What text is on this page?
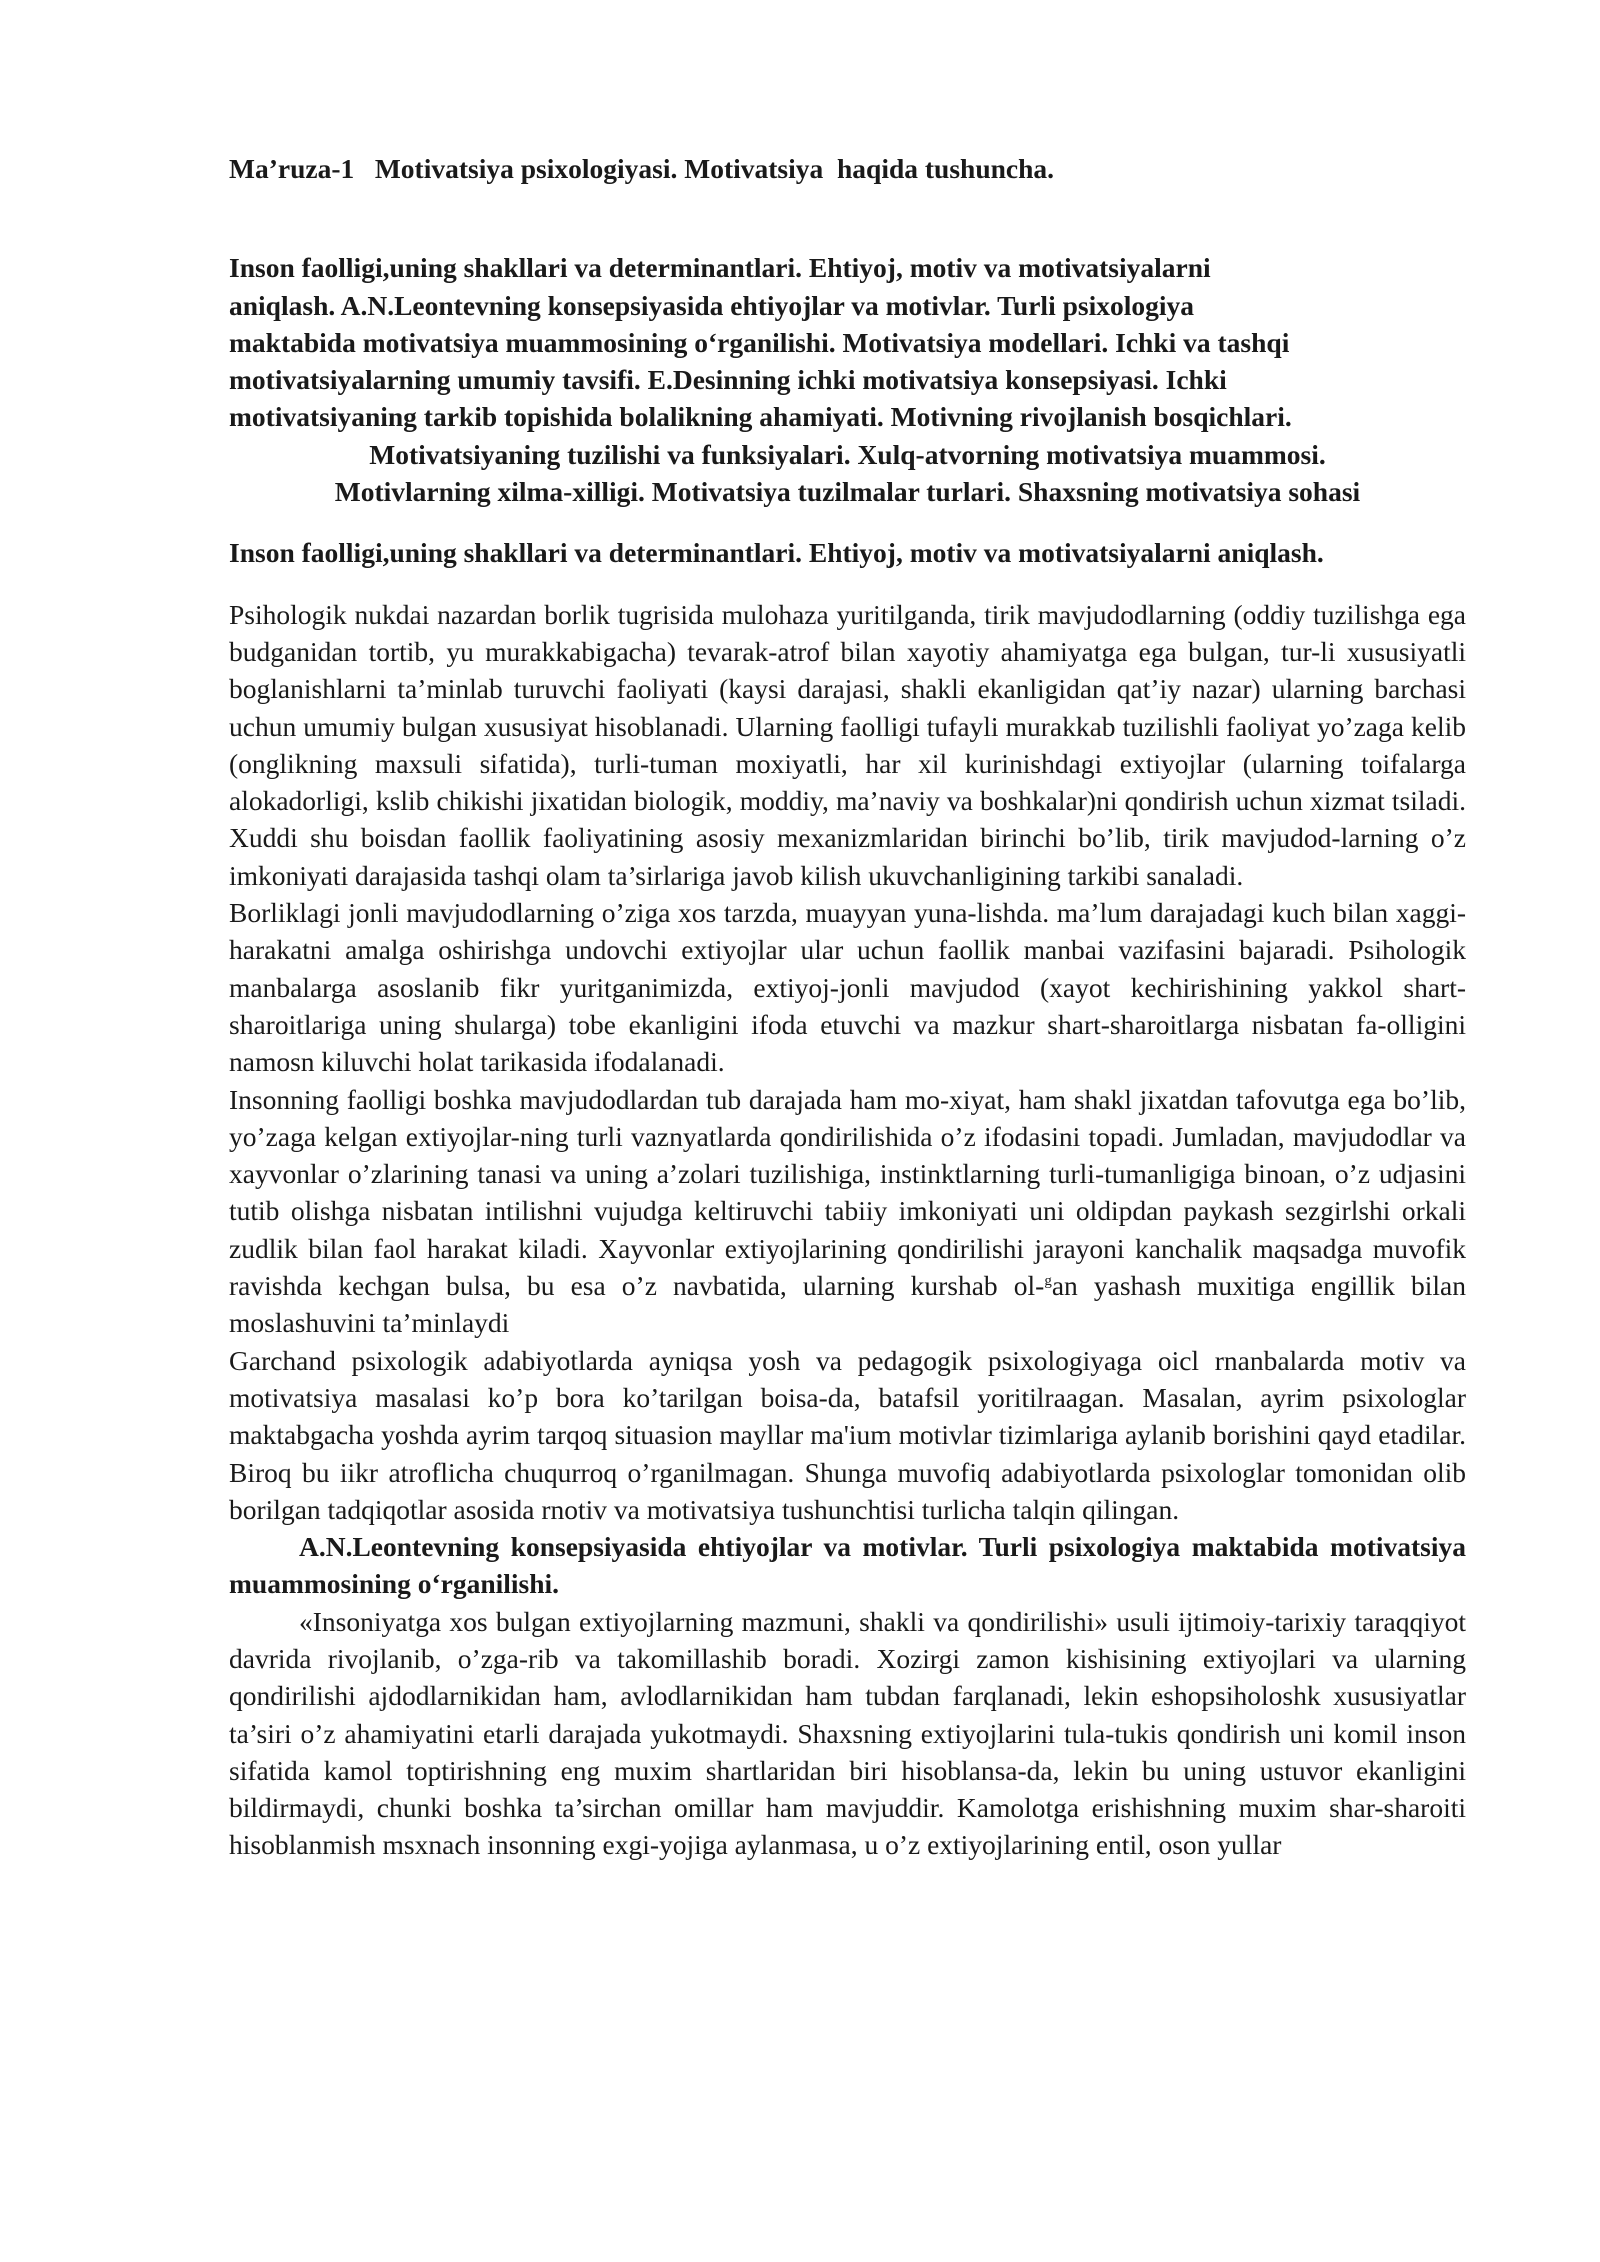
Ma’ruza-1   Motivatsiya psixologiyasi. Motivatsiya  haqida tushuncha.

Inson faolligi,uning shakllari va determinantlari. Ehtiyoj, motiv va motivatsiyalarni
aniqlash. A.N.Leontevning konsepsiyasida ehtiyojlar va motivlar. Turli psixologiya
maktabida motivatsiya muammosining o‘rganilishi. Motivatsiya modellari. Ichki va tashqi
motivatsiyalarning umumiy tavsifi. E.Desinning ichki motivatsiya konsepsiyasi. Ichki
motivatsiyaning tarkib topishida bolalikning ahamiyati. Motivning rivojlanish bosqichlari.
Motivatsiyaning tuzilishi va funksiyalari. Xulq-atvorning motivatsiya muammosi.
Motivlarning xilma-xilligi. Motivatsiya tuzilmalar turlari. Shaxsning motivatsiya sohasi

Inson faolligi,uning shakllari va determinantlari. Ehtiyoj, motiv va motivatsiyalarni aniqlash.

Psihologik nukdai nazardan borlik tugrisida mulohaza yuritilganda, tirik mavjudodlarning (oddiy tuzilishga ega budganidan tortib, yu murakkabigacha) tevarak-atrof bilan xayotiy ahamiyatga ega bulgan, tur-li xususiyatli boglanishlarni ta’minlab turuvchi faoliyati (kaysi darajasi, shakli ekanligidan qat’iy nazar) ularning barchasi uchun umumiy bulgan xususiyat hisoblanadi. Ularning faolligi tufayli murakkab tuzilishli faoliyat yo’zaga kelib (onglikning maxsuli sifatida), turli-tuman moxiyatli, har xil kurinishdagi extiyojlar (ularning toifalarga alokadorligi, kslib chikishi jixatidan biologik, moddiy, ma’naviy va boshkalar)ni qondirish uchun xizmat tsiladi. Xuddi shu boisdan faollik faoliyatining asosiy mexanizmlaridan birinchi bo’lib, tirik mavjudod-larning o’z imkoniyati darajasida tashqi olam ta’sirlariga javob kilish ukuvchanligining tarkibi sanaladi.

Borliklagi jonli mavjudodlarning o’ziga xos tarzda, muayyan yuna-lishda. ma’lum darajadagi kuch bilan xaggi-harakatni amalga oshirishga undovchi extiyojlar ular uchun faollik manbai vazifasini bajaradi. Psihologik manbalarga asoslanib fikr yuritganimizda, extiyoj-jonli mavjudod (xayot kechirishining yakkol shart-sharoitlariga uning shularga) tobe ekanligini ifoda etuvchi va mazkur shart-sharoitlarga nisbatan fa-olligini namosn kiluvchi holat tarikasida ifodalanadi.

Insonning faolligi boshka mavjudodlardan tub darajada ham mo-xiyat, ham shakl jixatdan tafovutga ega bo’lib, yo’zaga kelgan extiyojlar-ning turli vaznyatlarda qondirilishida o’z ifodasini topadi. Jumladan, mavjudodlar va xayvonlar o’zlarining tanasi va uning a’zolari tuzilishiga, instinktlarning turli-tumanligiga binoan, o’z udjasini tutib olishga nisbatan intilishni vujudga keltiruvchi tabiiy imkoniyati uni oldipdan paykash sezgirlshi orkali zudlik bilan faol harakat kiladi. Xayvonlar extiyojlarining qondirilishi jarayoni kanchalik maqsadga muvofik ravishda kechgan bulsa, bu esa o’z navbatida, ularning kurshab ol-$^g$an yashash muxitiga engillik bilan moslashuvini ta’minlaydi

Garchand psixologik adabiyotlarda ayniqsa yosh va pedagogik psixologiyaga oicl rnanbalarda motiv va motivatsiya masalasi ko’p bora ko’tarilgan boisa-da, batafsil yoritilraagan. Masalan, ayrim psixologlar maktabgacha yoshda ayrim tarqoq situasion mayllar ma'ium motivlar tizimlariga aylanib borishini qayd etadilar. Biroq bu iikr atroflicha chuqurroq o’rganilmagan. Shunga muvofiq adabiyotlarda psixologlar tomonidan olib borilgan tadqiqotlar asosida rnotiv va motivatsiya tushunchtisi turlicha talqin qilingan.

A.N.Leontevning konsepsiyasida ehtiyojlar va motivlar. Turli psixologiya maktabida motivatsiya muammosining o‘rganilishi.

«Insoniyatga xos bulgan extiyojlarning mazmuni, shakli va qondirilishi» usuli ijtimoiy-tarixiy taraqqiyot davrida rivojlanib, o’zga-rib va takomillashib boradi. Xozirgi zamon kishisining extiyojlari va ularning qondirilishi ajdodlarnikidan ham, avlodlarnikidan ham tubdan farqlanadi, lekin eshopsiholoshk xususiyatlar ta’siri o’z ahamiyatini etarli darajada yukotmaydi. Shaxsning extiyojlarini tula-tukis qondirish uni komil inson sifatida kamol toptirishning eng muxim shartlaridan biri hisoblansa-da, lekin bu uning ustuvor ekanligini bildirmaydi, chunki boshka ta’sirchan omillar ham mavjuddir. Kamolotga erishishning muxim shar-sharoiti hisoblanmish msxnach insonning exgi-yojiga aylanmasa, u o’z extiyojlarining entil, oson yullar
